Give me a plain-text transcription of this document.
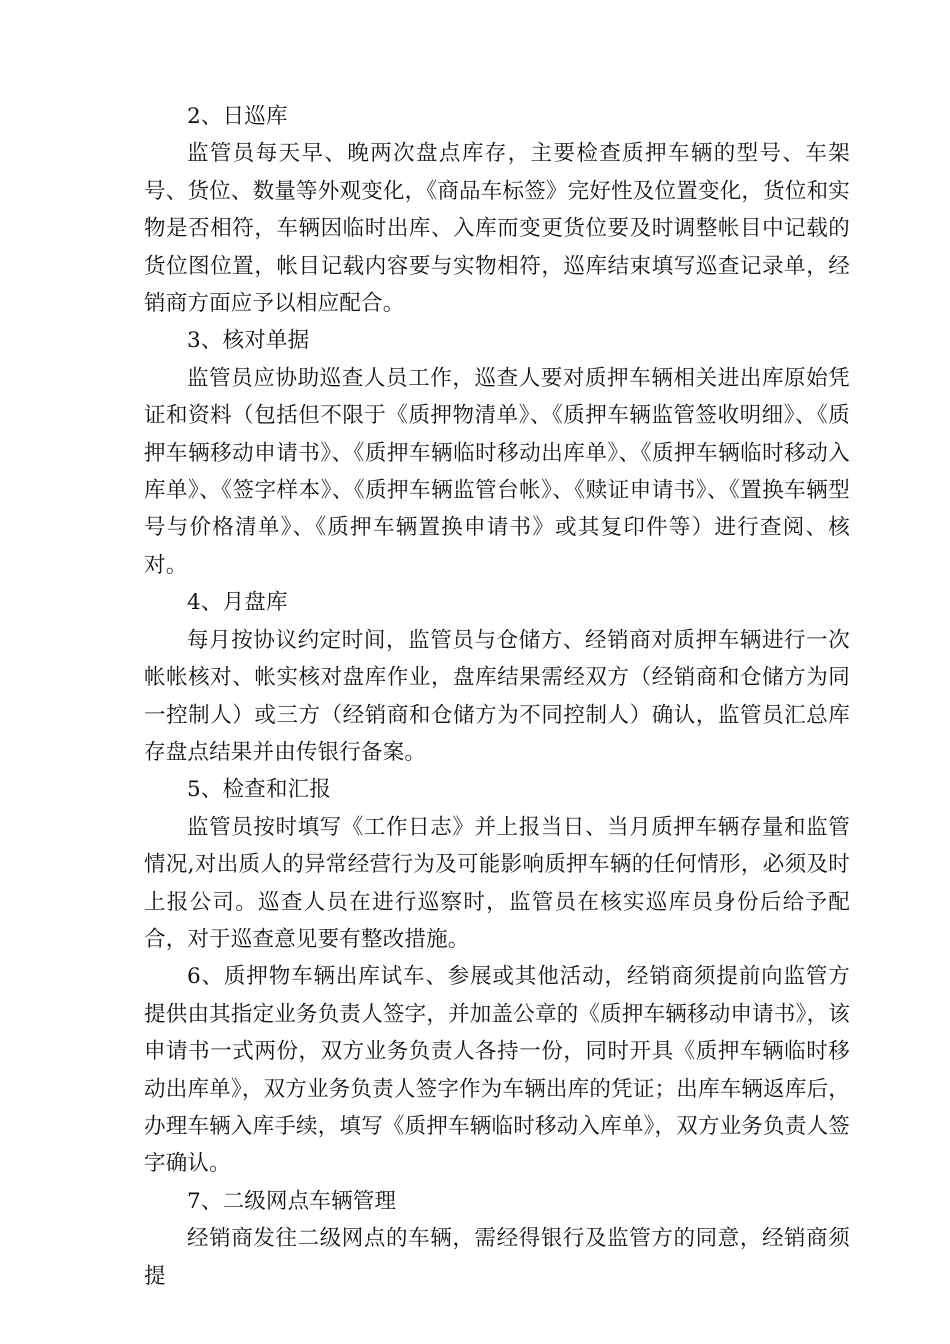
2、日巡库

监管员每天早、晚两次盘点库存，主要检查质押车辆的型号、车架号、货位、数量等外观变化，《商品车标签》完好性及位置变化，货位和实物是否相符，车辆因临时出库、入库而变更货位要及时调整帐目中记载的货位图位置，帐目记载内容要与实物相符，巡库结束填写巡查记录单，经销商方面应予以相应配合。

3、核对单据

监管员应协助巡查人员工作，巡查人要对质押车辆相关进出库原始凭证和资料（包括但不限于《质押物清单》、《质押车辆监管签收明细》、《质押车辆移动申请书》、《质押车辆临时移动出库单》、《质押车辆临时移动入库单》、《签字样本》、《质押车辆监管台帐》、《赎证申请书》、《置换车辆型号与价格清单》、《质押车辆置换申请书》或其复印件等）进行查阅、核对。

4、月盘库

每月按协议约定时间，监管员与仓储方、经销商对质押车辆进行一次帐帐核对、帐实核对盘库作业，盘库结果需经双方（经销商和仓储方为同一控制人）或三方（经销商和仓储方为不同控制人）确认，监管员汇总库存盘点结果并由传银行备案。

5、检查和汇报

监管员按时填写《工作日志》并上报当日、当月质押车辆存量和监管情况,对出质人的异常经营行为及可能影响质押车辆的任何情形，必须及时上报公司。巡查人员在进行巡察时，监管员在核实巡库员身份后给予配合，对于巡查意见要有整改措施。

6、质押物车辆出库试车、参展或其他活动，经销商须提前向监管方提供由其指定业务负责人签字，并加盖公章的《质押车辆移动申请书》，该申请书一式两份，双方业务负责人各持一份，同时开具《质押车辆临时移动出库单》，双方业务负责人签字作为车辆出库的凭证；出库车辆返库后，办理车辆入库手续，填写《质押车辆临时移动入库单》，双方业务负责人签字确认。

7、二级网点车辆管理

经销商发往二级网点的车辆，需经得银行及监管方的同意，经销商须提
